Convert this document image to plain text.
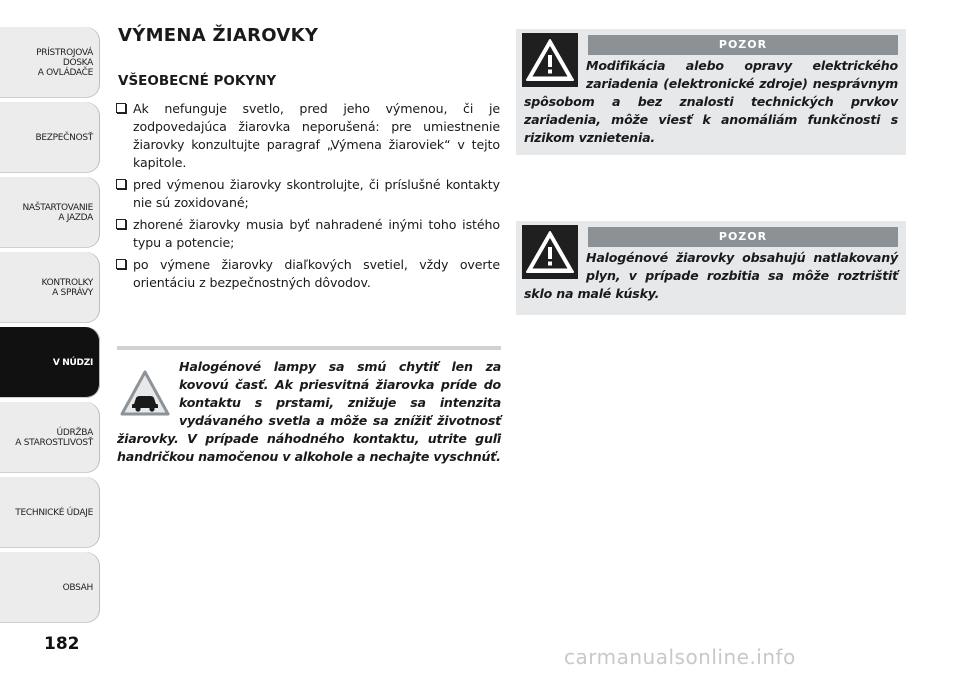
PRÍSTROJOVÁ
DOSKA
A OVLÁDAČE
BEZPEČNOSŤ
NAŠTARTOVANIE
A JAZDA
KONTROLKY
A SPRÁVY
V NÚDZI
ÚDRŽBA
A STAROSTLIVOSŤ
TECHNICKÉ ÚDAJE
OBSAH
182
VÝMENA ŽIAROVKY
VŠEOBECNÉ POKYNY
Ak nefunguje svetlo, pred jeho výmenou, či je zodpovedajúca žiarovka neporušená: pre umiestnenie žiarovky konzultujte paragraf „Výmena žiaroviek“ v tejto kapitole.
pred výmenou žiarovky skontrolujte, či príslušné kontakty nie sú zoxidované;
zhorené žiarovky musia byť nahradené inými toho istého typu a potencie;
po výmene žiarovky diaľkových svetiel, vždy overte orientáciu z bezpečnostných dôvodov.

Halogénové lampy sa smú chytiť len za kovovú časť. Ak priesvitná žiarovka príde do kontaktu s prstami, znižuje sa intenzita vydávaného svetla a môže sa znížiť životnosť žiarovky. V prípade náhodného kontaktu, utrite guľi handričkou namočenou v alkohole a nechajte vyschnúť.

POZOR

Modifikácia alebo opravy elektrického zariadenia (elektronické zdroje) nesprávnym spôsobom a bez znalosti technických prvkov zariadenia, môže viesť k anomáliám funkčnosti s rizikom vznietenia.

POZOR

Halogénové žiarovky obsahujú natlakovaný plyn, v prípade rozbitia sa môže roztrištiť sklo na malé kúsky.

carmanualsonline.info
